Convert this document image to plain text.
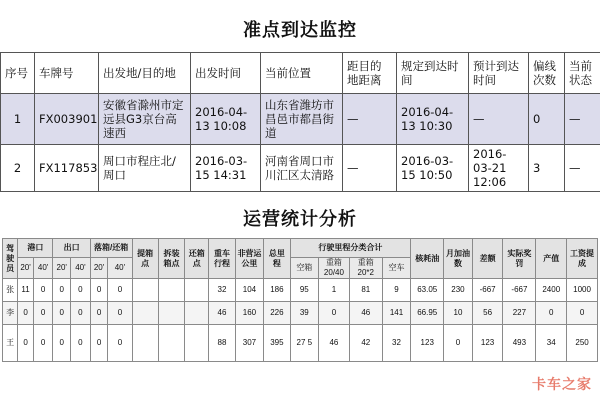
准点到达监控
序号	车牌号	出发地/目的地	出发时间	当前位置	距目的地距离	规定到达时间	预计到达时间	偏线次数	当前状态
1	FX003901	安徽省滁州市定远县G3京台高速西	2016-04-13 10:08	山东省潍坊市昌邑市都昌街道	—	2016-04-13 10:30	—	0	—
2	FX117853	周口市程庄北/周口	2016-03-15 14:31	河南省周口市川汇区太清路	—	2016-03-15 10:50	2016-03-21 12:06	3	—
运营统计分析
驾驶员	港口		出口		落箱/还箱		提箱点	拆装箱点	还箱点	重车行程	非营运公里	总里程	行驶里程分类合计				核耗油	月加油数	差额	实际奖罚	产值	工资提成
	20'	40'	20'	40'	20'	40'							空箱	重箱20/40	重箱20*2	空车						
张	11	0	0	0	0	0				32	104	186	95	1	81	9	63.05	230	-667	-667	2400	1000
李	0	0	0	0	0	0				46	160	226	39	0	46	141	66.95	10	56	227	0	0
王	0	0	0	0	0	0				88	307	395	27 5	46	42	32	123	0	123	493	34	250
卡车之家
